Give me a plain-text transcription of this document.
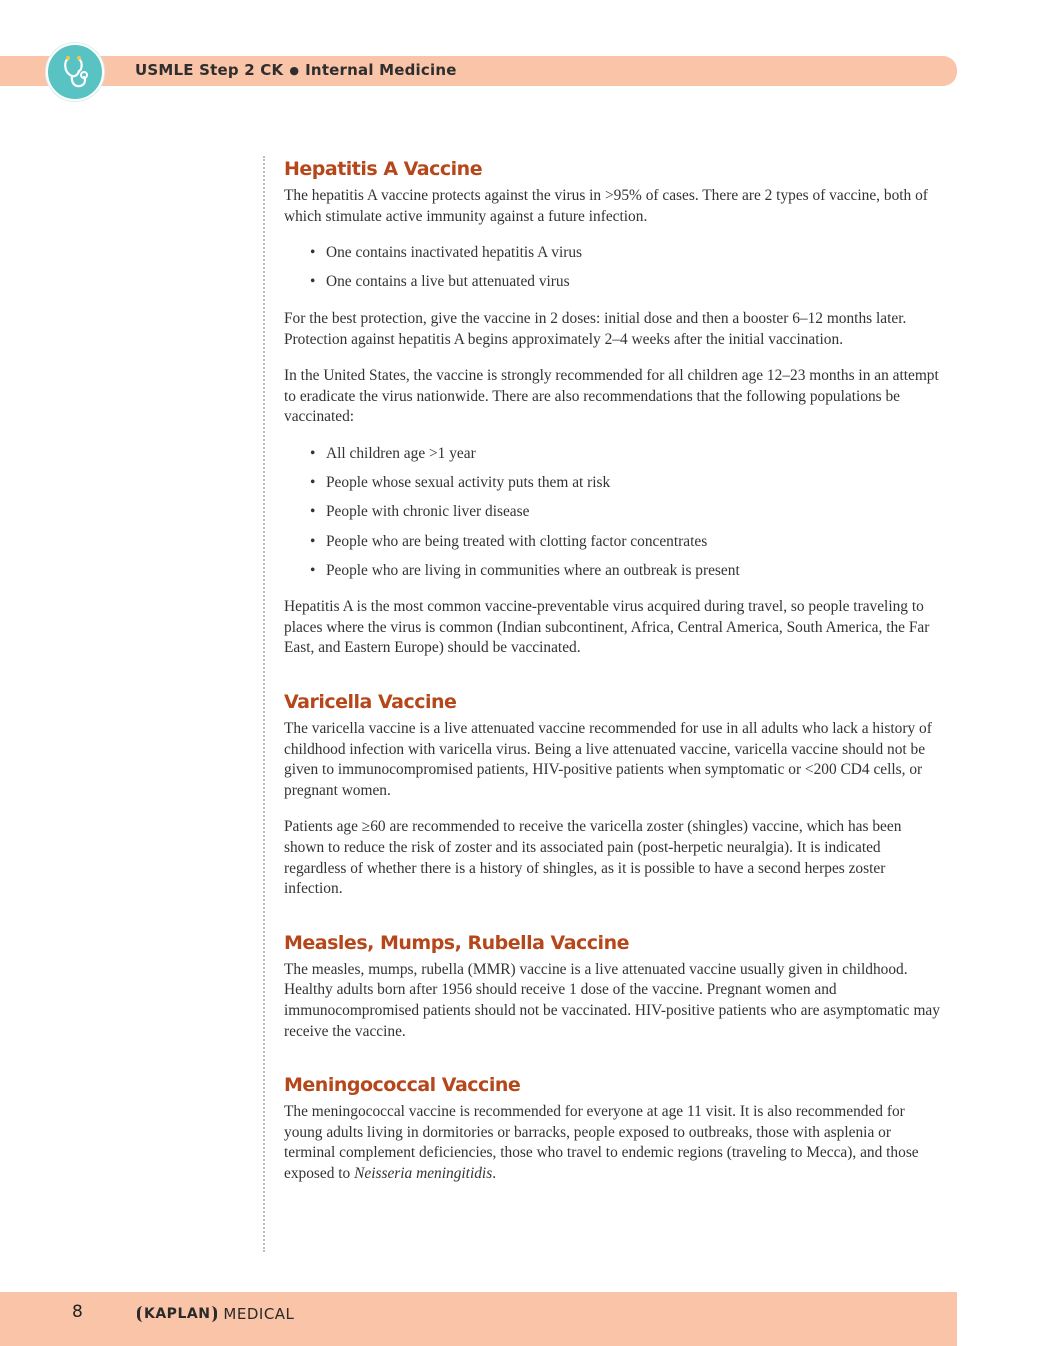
USMLE Step 2 CK ● Internal Medicine
Hepatitis A Vaccine

The hepatitis A vaccine protects against the virus in >95% of cases. There are 2 types of vaccine, both of which stimulate active immunity against a future infection.

• One contains inactivated hepatitis A virus
• One contains a live but attenuated virus

For the best protection, give the vaccine in 2 doses: initial dose and then a booster 6–12 months later. Protection against hepatitis A begins approximately 2–4 weeks after the initial vaccination.

In the United States, the vaccine is strongly recommended for all children age 12–23 months in an attempt to eradicate the virus nationwide. There are also recommendations that the following populations be vaccinated:

• All children age >1 year
• People whose sexual activity puts them at risk
• People with chronic liver disease
• People who are being treated with clotting factor concentrates
• People who are living in communities where an outbreak is present

Hepatitis A is the most common vaccine-preventable virus acquired during travel, so people traveling to places where the virus is common (Indian subcontinent, Africa, Central America, South America, the Far East, and Eastern Europe) should be vaccinated.

Varicella Vaccine

The varicella vaccine is a live attenuated vaccine recommended for use in all adults who lack a history of childhood infection with varicella virus. Being a live attenuated vaccine, varicella vaccine should not be given to immunocompromised patients, HIV-positive patients when symptomatic or <200 CD4 cells, or pregnant women.

Patients age ≥60 are recommended to receive the varicella zoster (shingles) vaccine, which has been shown to reduce the risk of zoster and its associated pain (post-herpetic neuralgia). It is indicated regardless of whether there is a history of shingles, as it is possible to have a second herpes zoster infection.

Measles, Mumps, Rubella Vaccine

The measles, mumps, rubella (MMR) vaccine is a live attenuated vaccine usually given in childhood. Healthy adults born after 1956 should receive 1 dose of the vaccine. Pregnant women and immunocompromised patients should not be vaccinated. HIV-positive patients who are asymptomatic may receive the vaccine.

Meningococcal Vaccine

The meningococcal vaccine is recommended for everyone at age 11 visit. It is also recommended for young adults living in dormitories or barracks, people exposed to outbreaks, those with asplenia or terminal complement deficiencies, those who travel to endemic regions (traveling to Mecca), and those exposed to Neisseria meningitidis.

8	KAPLAN MEDICAL
